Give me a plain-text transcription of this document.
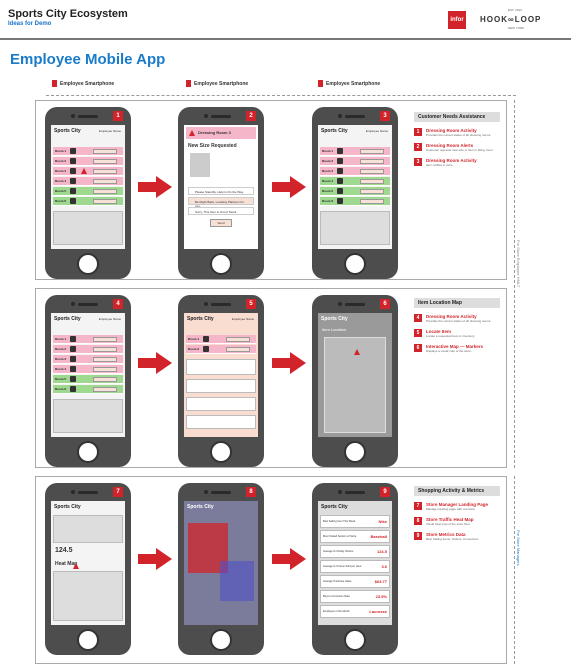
Sports City Ecosystem
Ideas for Demo
infor
EST. 2013
HOOK∞LOOP
NEW YORK
Employee Mobile App
Employee Smartphone	Employee Smartphone	Employee Smartphone
For Store Employee HMLT
For Store Managers
Sports City	Employee Name
1
Room 1
Room 2
Room 3
Room 4
Room 5
Room 6
2
Dressing Room 3
New Size Requested
Please Standby. Help is On the Way.
Be Right Back, Locating Platinum for you.
Sorry, This Item is Out of Stock.
Send
Sports City	Employee Name
3
Room 1
Room 2
Room 3
Room 4
Room 5
Room 6
Customer Needs Assistance
1	Dressing Room Activity
Provides the current status of all dressing rooms.
2	Dressing Room Alerts
Customer requests new size or item in fitting room.
3	Dressing Room Activity
Item notifies in store.
Sports City	Employee Name
4
Room 1
Room 2
Room 3
Room 4
Room 5
Room 6
Sports City	Employee Name
5
Room 1
Room 2
Sports City
6
Item Location
Item Location Map
4	Dressing Room Activity
Provides the current status of all dressing rooms.
5	Locate Item
Locate a requested item in inventory.
6	Interactive Map — Markers
Displays a visual map of the store.
Sports City
7
124.5
Heat Map
Sports City
8
Sports City
9
Best Selling Item This Week	Nike
Most Visited Section of Store	Baseball
Average # of Daily Visitors	124.5
Average # of Items Sold per Hour	3.6
Average Purchase Value	$63.77
Buyer Conversion Rate	23.5%
Employee of the Month	Lacrosse
Shopping Activity & Metrics
7	Store Manager Landing Page
Manager landing page with overview.
8	Store Traffic Heat Map
Visual heat map of the store floor.
9	Store Metrics Data
Best Selling Items, Visitors, Conversion.
